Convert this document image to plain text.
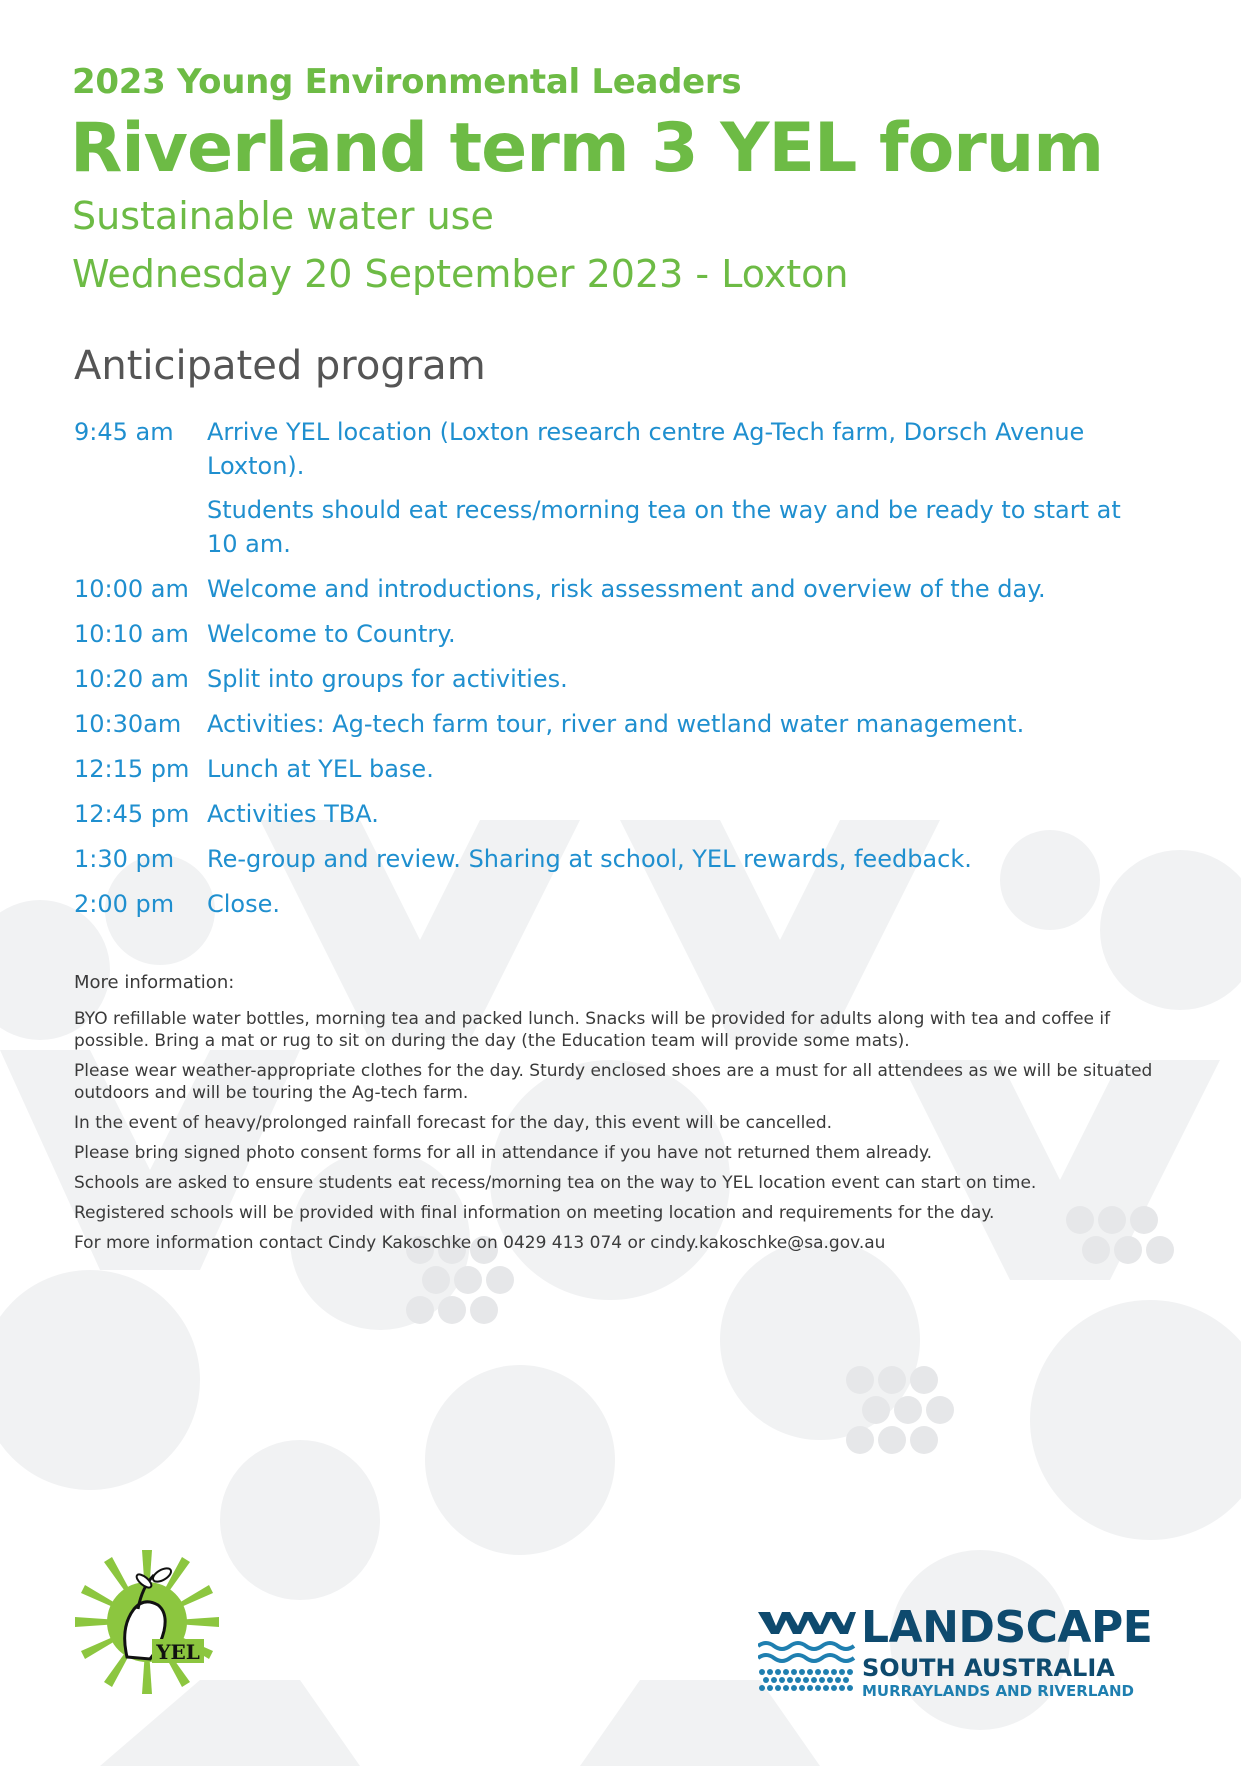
2023 Young Environmental Leaders
Riverland term 3 YEL forum
Sustainable water use
Wednesday 20 September 2023 - Loxton
Anticipated program
9:45 am	Arrive YEL location (Loxton research centre Ag-Tech farm, Dorsch Avenue Loxton).

Students should eat recess/morning tea on the way and be ready to start at 10 am.

10:00 am Welcome and introductions, risk assessment and overview of the day.
10:10 am Welcome to Country.
10:20 am Split into groups for activities.
10:30am	Activities: Ag-tech farm tour, river and wetland water management.
12:15 pm Lunch at YEL base.
12:45 pm Activities TBA.
1:30 pm	Re-group and review. Sharing at school, YEL rewards, feedback.
2:00 pm	Close.
More information:

BYO refillable water bottles, morning tea and packed lunch. Snacks will be provided for adults along with tea and coffee if possible. Bring a mat or rug to sit on during the day (the Education team will provide some mats).

Please wear weather-appropriate clothes for the day. Sturdy enclosed shoes are a must for all attendees as we will be situated outdoors and will be touring the Ag-tech farm.

In the event of heavy/prolonged rainfall forecast for the day, this event will be cancelled.

Please bring signed photo consent forms for all in attendance if you have not returned them already.

Schools are asked to ensure students eat recess/morning tea on the way to YEL location event can start on time.

Registered schools will be provided with final information on meeting location and requirements for the day.

For more information contact Cindy Kakoschke on 0429 413 074 or cindy.kakoschke@sa.gov.au

YEL	LANDSCAPE
SOUTH AUSTRALIA
MURRAYLANDS AND RIVERLAND
